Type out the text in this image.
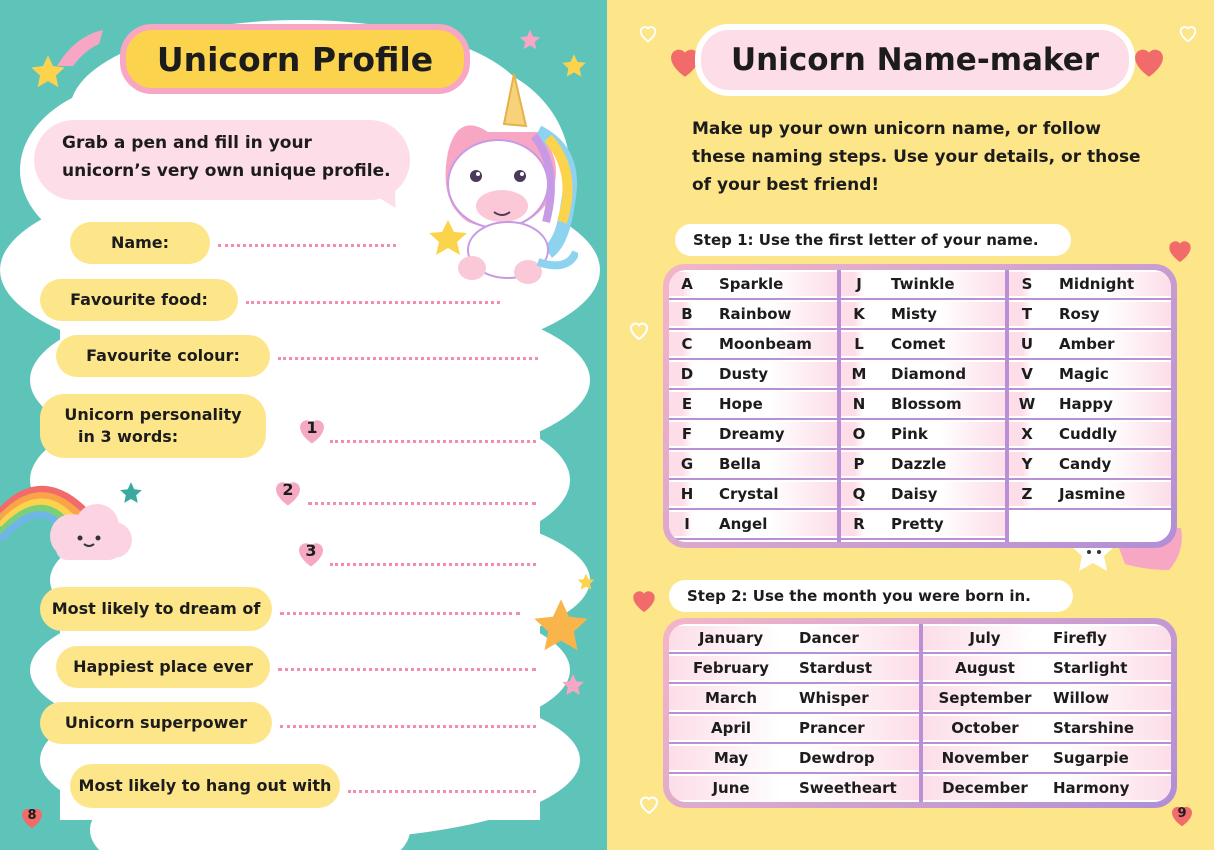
Unicorn Profile
Grab a pen and fill in your
unicorn’s very own unique profile.
Name:
Favourite food:
Favourite colour:
Unicorn personality
in 3 words:	1
2
3
Most likely to dream of
Happiest place ever
Unicorn superpower
Most likely to hang out with
8
Unicorn Name-maker
Make up your own unicorn name, or follow
these naming steps. Use your details, or those
of your best friend!
Step 1: Use the first letter of your name.
A	Sparkle
B	Rainbow
C	Moonbeam
D	Dusty
E	Hope
F	Dreamy
G	Bella
H	Crystal
I	Angel
J	Twinkle
K	Misty
L	Comet
M	Diamond
N	Blossom
O	Pink
P	Dazzle
Q	Daisy
R	Pretty
S	Midnight
T	Rosy
U	Amber
V	Magic
W	Happy
X	Cuddly
Y	Candy
Z	Jasmine
Step 2: Use the month you were born in.
January	Dancer
February	Stardust
March	Whisper
April	Prancer
May	Dewdrop
June	Sweetheart
July	Firefly
August	Starlight
September	Willow
October	Starshine
November	Sugarpie
December	Harmony
9
